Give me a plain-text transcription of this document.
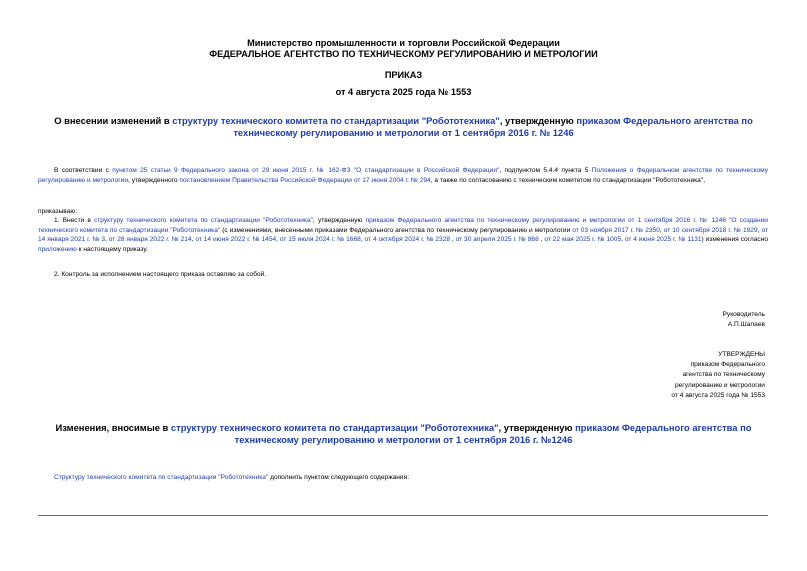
Министерство промышленности и торговли Российской Федерации
ФЕДЕРАЛЬНОЕ АГЕНТСТВО ПО ТЕХНИЧЕСКОМУ РЕГУЛИРОВАНИЮ И МЕТРОЛОГИИ
ПРИКАЗ
от 4 августа 2025 года № 1553
О внесении изменений в структуру технического комитета по стандартизации "Робототехника", утвержденную приказом Федерального агентства по техническому регулированию и метрологии от 1 сентября 2016 г. № 1246
В соответствии с пунктом 25 статьи 9 Федерального закона от 29 июня 2015 г. № 162-ФЗ "О стандартизации в Российской Федерации", подпунктом 5.4.4 пункта 5 Положения о Федеральном агентстве по техническому регулированию и метрологии, утвержденного постановлением Правительства Российской Федерации от 17 июня 2004 г. № 294, а также по согласованию с техническим комитетом по стандартизации "Робототехника",
приказываю:
1. Внести в структуру технического комитета по стандартизации "Робототехника", утвержденную приказом Федерального агентства по техническому регулированию и метрологии от 1 сентября 2016 г. № 1246 "О создании технического комитета по стандартизации "Робототехника" (с изменениями, внесенными приказами Федерального агентства по техническому регулированию и метрологии от 03 ноября 2017 г. № 2350, от 10 сентября 2018 г. № 1929, от 14 января 2021 г. № 3, от 28 января 2022 г. № 214, от 14 июня 2022 г. № 1454, от 15 июля 2024 г. № 1668, от 4 октября 2024 г. № 2328 , от 30 апреля 2025 г. № 868 , от 22 мая 2025 г. № 1005, от 4 июня 2025 г. № 1131) изменения согласно приложению к настоящему приказу.
2. Контроль за исполнением настоящего приказа оставляю за собой.
Руководитель
А.П.Шалаев
УТВЕРЖДЕНЫ
приказом Федерального
агентства по техническому
регулированию и метрологии
от 4 августа 2025 года № 1553
Изменения, вносимые в структуру технического комитета по стандартизации "Робототехника", утвержденную приказом Федерального агентства по техническому регулированию и метрологии от 1 сентября 2016 г. №1246
Структуру технического комитета по стандартизации "Робототехника" дополнить пунктом следующего содержания:
